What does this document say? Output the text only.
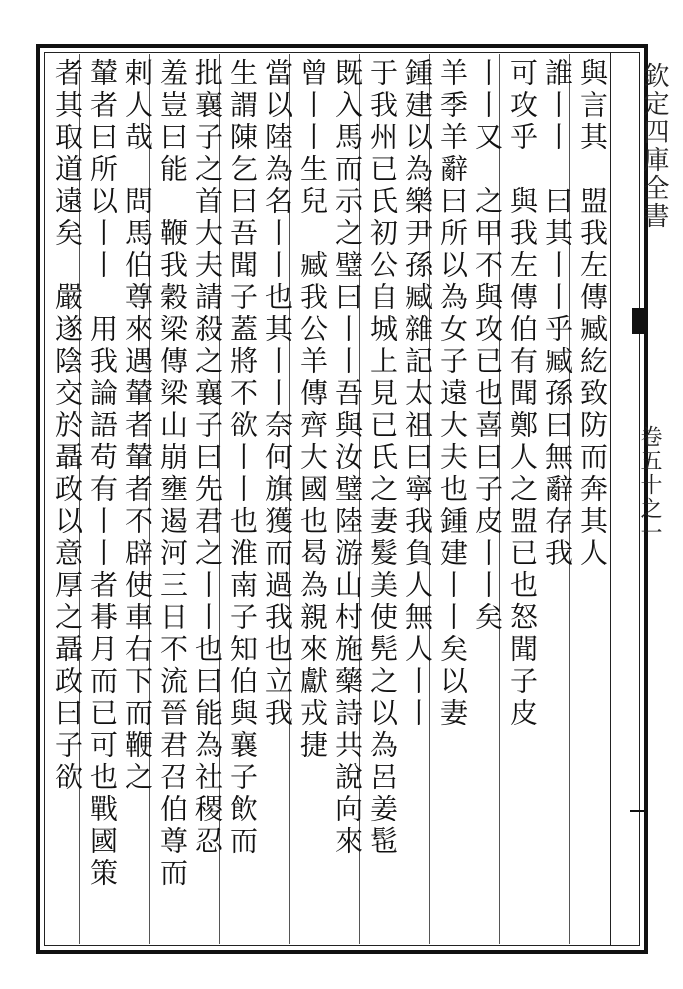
欽定四庫全書
卷五十之一
與言其　盟我左傳臧紇致防而奔其人
誰丨丨　曰其丨丨乎臧孫曰無辭存我
可攻乎　與我左傳伯有聞鄭人之盟已也怒聞子皮
丨丨又　之甲不與攻已也喜曰子皮丨丨矣
羊季羊辭曰所以為女子遠大夫也鍾建丨丨矣以妻
鍾建以為樂尹孫臧雜記太祖曰寧我負人無人丨丨
于我州已氏初公自城上見已氏之妻髮美使髡之以為呂姜髢
既入馬而示之璧曰丨丨吾與汝璧陸游山村施藥詩共說向來
曾丨丨生兒　臧我公羊傳齊大國也曷為親來獻戎捷
當以陸為名丨丨也其丨丨奈何旗獲而過我也立我
生謂陳乞曰吾聞子蓋將不欲丨丨也淮南子知伯與襄子飲而
批襄子之首大夫請殺之襄子曰先君之丨丨也曰能為社稷忍
羞豈曰能　鞭我穀梁傳梁山崩壅遏河三日不流晉君召伯尊而
剌人哉　問馬伯尊來遇輦者輦者不辟使車右下而鞭之
輦者曰所以丨丨　用我論語苟有丨丨者朞月而已可也戰國策
者其取道遠矣　嚴遂陰交於聶政以意厚之聶政曰子欲
